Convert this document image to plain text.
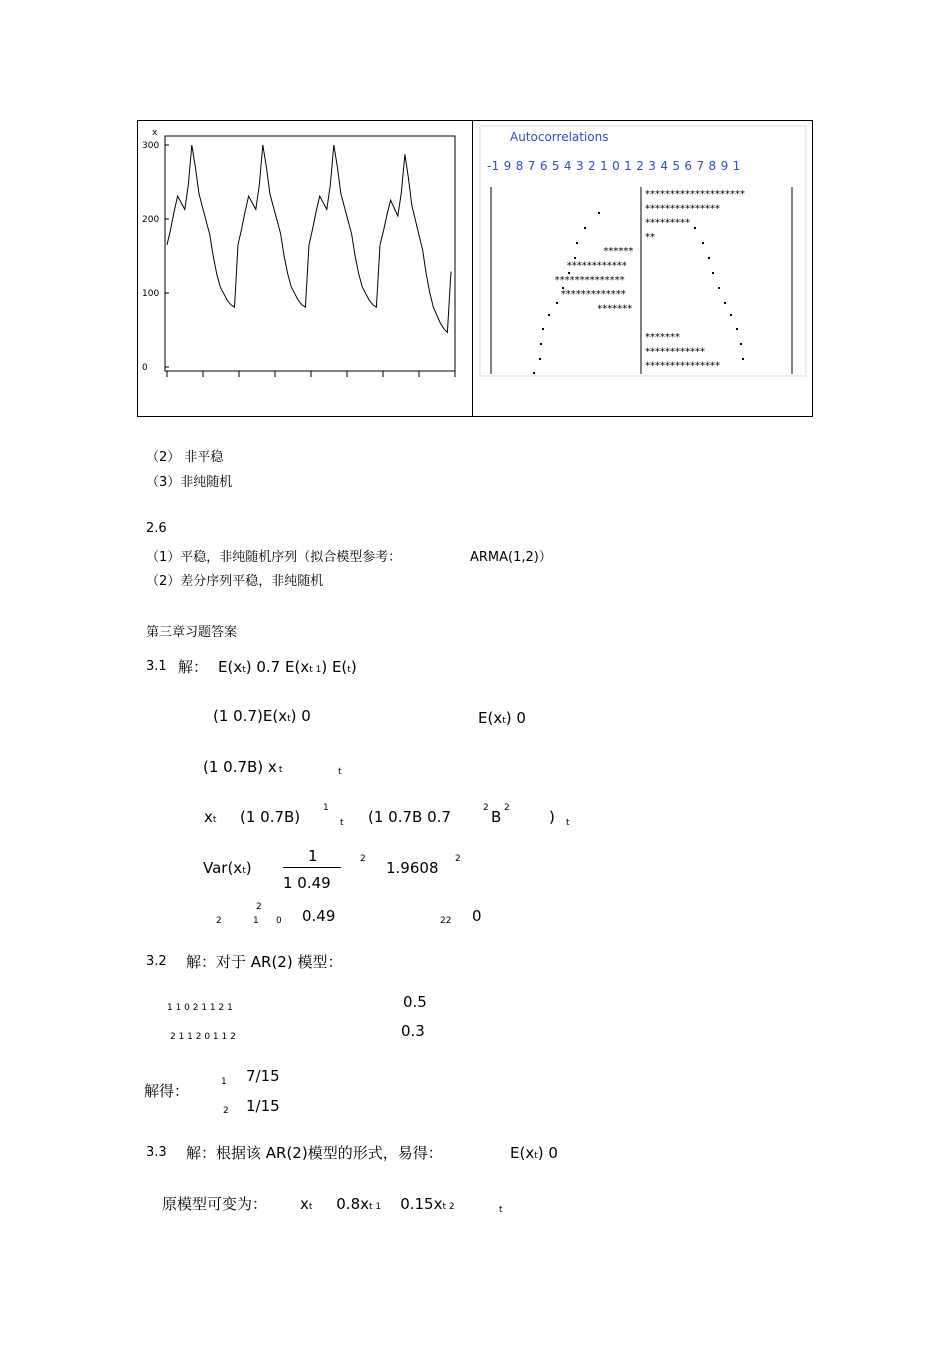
x
300
200
100
0
Autocorrelations
-1 9 8 7 6 5 4 3 2 1 0 1 2 3 4 5 6 7 8 9 1
********************
***************
*********
**
******
************
**************
*************
*******
*******
************
***************
（2） 非平稳
（3）非纯随机
2.6
（1）平稳，非纯随机序列（拟合模型参考：	ARMA(1,2)）
（2）差分序列平稳，非纯随机
第三章习题答案
3.1 解： E(xt) 0.7 E(xt 1) E(t)
(1 0.7)E(xt) 0	E(xt) 0
(1 0.7B) x t	t
xt (1 0.7B)	1
t (1 0.7B 0.7	2 B 2	) t
Var(xt)
1
1 0.49
2 1.9608 2
2
2
1 0 0.49	22 0
3.2 解：对于 AR(2) 模型：
1 1 0 2 1 1 2 1	0.5
2 1 1 2 0 1 1 2	0.3
解得：	1 7/15
2 1/15
3.3 解：根据该 AR(2)模型的形式，易得：	E(xt) 0
原模型可变为： xt 0.8xt 1 0.15xt 2	t
